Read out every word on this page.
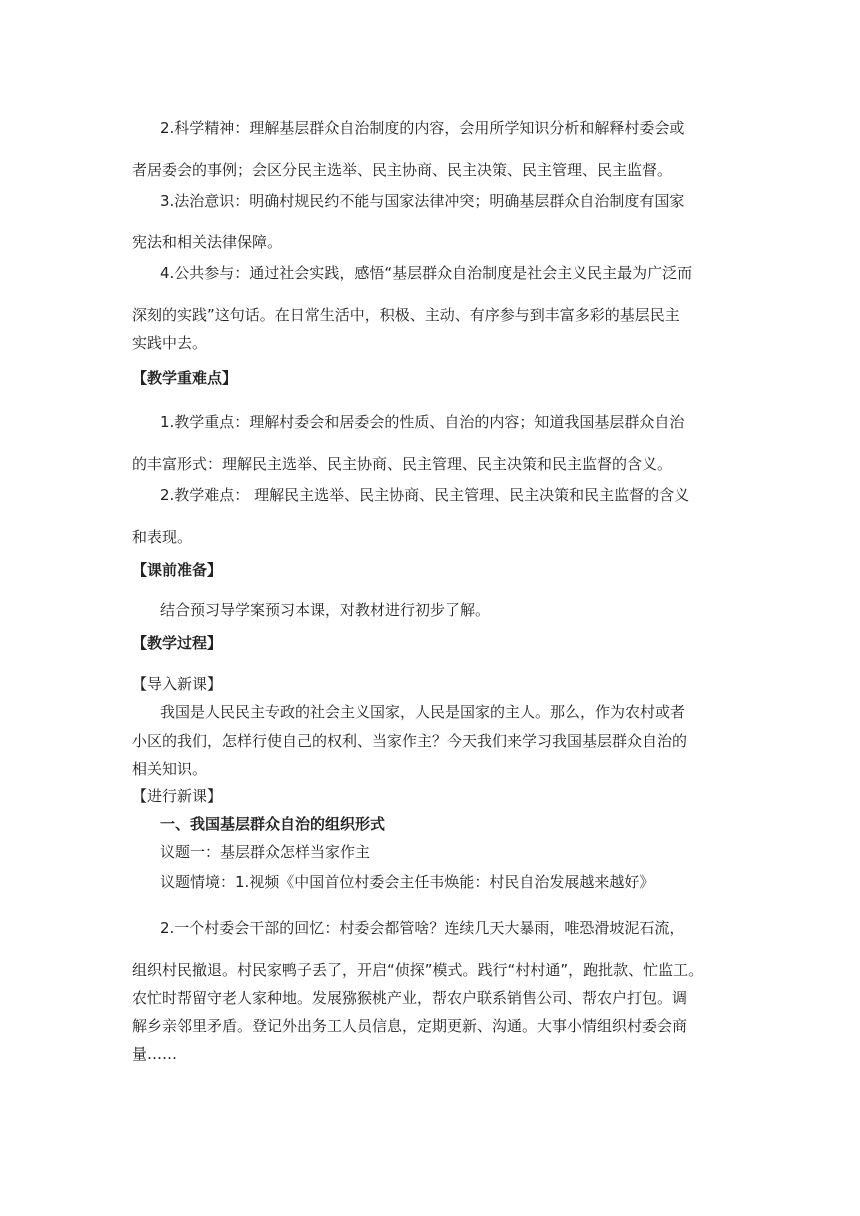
2.科学精神：理解基层群众自治制度的内容，会用所学知识分析和解释村委会或
者居委会的事例；会区分民主选举、民主协商、民主决策、民主管理、民主监督。
3.法治意识：明确村规民约不能与国家法律冲突；明确基层群众自治制度有国家
宪法和相关法律保障。
4.公共参与：通过社会实践，感悟“基层群众自治制度是社会主义民主最为广泛而
深刻的实践”这句话。在日常生活中，积极、主动、有序参与到丰富多彩的基层民主
实践中去。
【教学重难点】
1.教学重点：理解村委会和居委会的性质、自治的内容；知道我国基层群众自治
的丰富形式：理解民主选举、民主协商、民主管理、民主决策和民主监督的含义。
2.教学难点： 理解民主选举、民主协商、民主管理、民主决策和民主监督的含义
和表现。
【课前准备】
结合预习导学案预习本课，对教材进行初步了解。
【教学过程】
【导入新课】
我国是人民民主专政的社会主义国家，人民是国家的主人。那么，作为农村或者
小区的我们，怎样行使自己的权利、当家作主？今天我们来学习我国基层群众自治的
相关知识。
【进行新课】
一、我国基层群众自治的组织形式
议题一：基层群众怎样当家作主
议题情境：1.视频《中国首位村委会主任韦焕能：村民自治发展越来越好》
2.一个村委会干部的回忆：村委会都管啥？连续几天大暴雨，唯恐滑坡泥石流，
组织村民撤退。村民家鸭子丢了，开启“侦探”模式。践行“村村通”，跑批款、忙监工。
农忙时帮留守老人家种地。发展猕猴桃产业，帮农户联系销售公司、帮农户打包。调
解乡亲邻里矛盾。登记外出务工人员信息，定期更新、沟通。大事小情组织村委会商
量……
